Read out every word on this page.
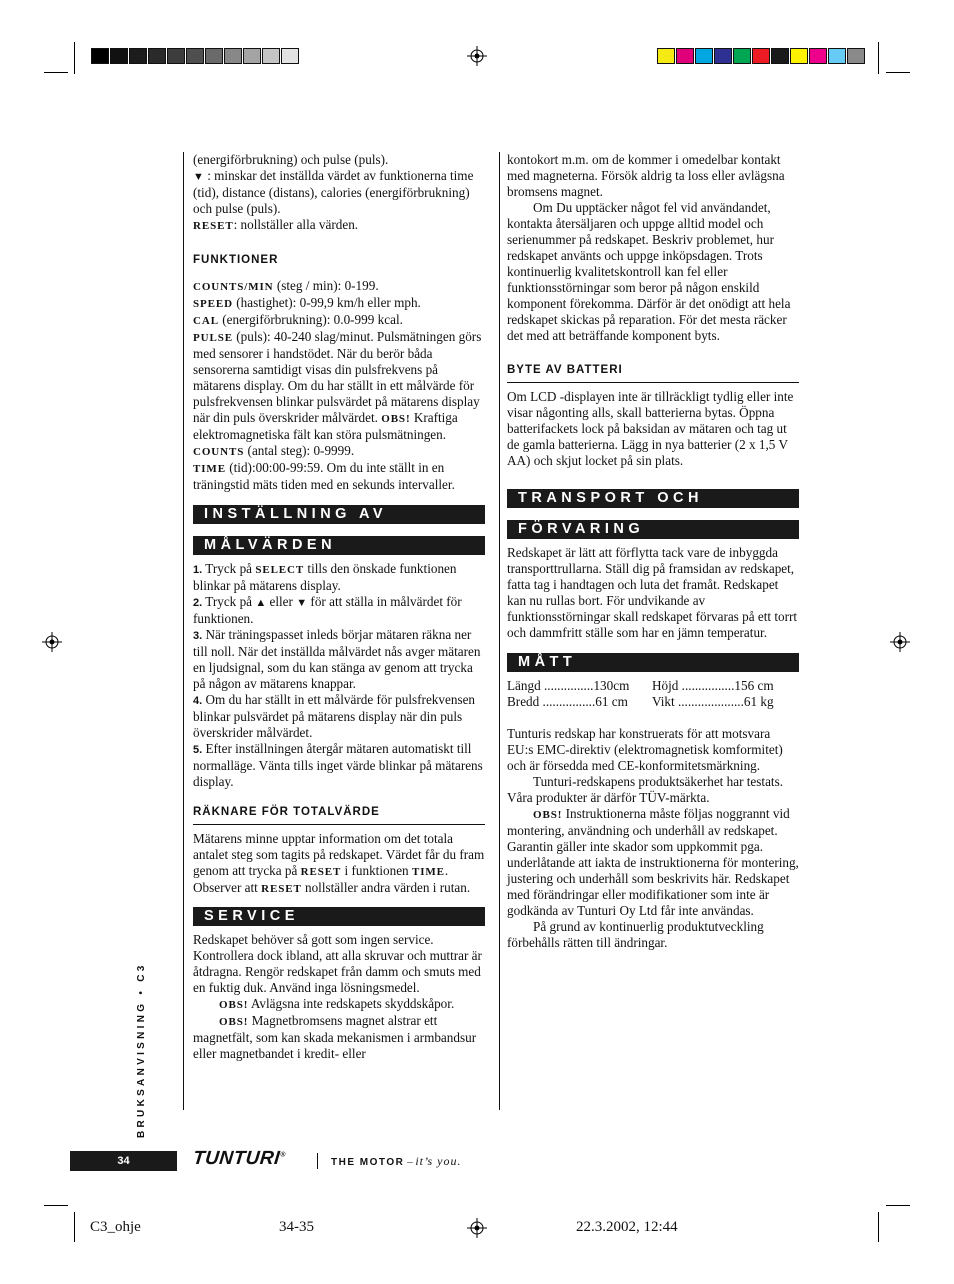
(energiförbrukning) och pulse (puls).

▼ : minskar det inställda värdet av funktionerna time (tid), distance (distans), calories (energiförbrukning) och pulse (puls).

RESET: nollställer alla värden.

FUNKTIONER

COUNTS/MIN (steg / min): 0-199.

SPEED (hastighet): 0-99,9 km/h eller mph.

CAL (energiförbrukning): 0.0-999 kcal.

PULSE (puls): 40-240 slag/minut. Pulsmätningen görs med sensorer i handstödet. När du berör båda sensorerna samtidigt visas din pulsfrekvens på mätarens display. Om du har ställt in ett målvärde för pulsfrekvensen blinkar pulsvärdet på mätarens display när din puls överskrider målvärdet. OBS! Kraftiga elektromagnetiska fält kan störa pulsmätningen.

COUNTS (antal steg): 0-9999.

TIME (tid):00:00-99:59. Om du inte ställt in en träningstid mäts tiden med en sekunds intervaller.

INSTÄLLNING AV
MÅLVÄRDEN

1. Tryck på SELECT tills den önskade funktionen blinkar på mätarens display.

2. Tryck på ▲ eller ▼ för att ställa in målvärdet för funktionen.

3. När träningspasset inleds börjar mätaren räkna ner till noll. När det inställda målvärdet nås avger mätaren en ljudsignal, som du kan stänga av genom att trycka på någon av mätarens knappar.

4. Om du har ställt in ett målvärde för pulsfrekvensen blinkar pulsvärdet på mätarens display när din puls överskrider målvärdet.

5. Efter inställningen återgår mätaren automatiskt till normalläge. Vänta tills inget värde blinkar på mätarens display.

RÄKNARE FÖR TOTALVÄRDE

Mätarens minne upptar information om det totala antalet steg som tagits på redskapet. Värdet får du fram genom att trycka på RESET i funktionen TIME. Observer att RESET nollställer andra värden i rutan.

SERVICE

Redskapet behöver så gott som ingen service. Kontrollera dock ibland, att alla skruvar och muttrar är åtdragna. Rengör redskapet från damm och smuts med en fuktig duk. Använd inga lösningsmedel.

OBS! Avlägsna inte redskapets skyddskåpor.

OBS! Magnetbromsens magnet alstrar ett magnetfält, som kan skada mekanismen i armbandsur eller magnetbandet i kredit- eller

kontokort m.m. om de kommer i omedelbar kontakt med magneterna. Försök aldrig ta loss eller avlägsna bromsens magnet.

Om Du upptäcker något fel vid användandet, kontakta återsäljaren och uppge alltid model och serienummer på redskapet. Beskriv problemet, hur redskapet använts och uppge inköpsdagen. Trots kontinuerlig kvalitetskontroll kan fel eller funktionsstörningar som beror på någon enskild komponent förekomma. Därför är det onödigt att hela redskapet skickas på reparation. För det mesta räcker det med att beträffande komponent byts.

BYTE AV BATTERI

Om LCD -displayen inte är tillräckligt tydlig eller inte visar någonting alls, skall batterierna bytas. Öppna batterifackets lock på baksidan av mätaren och tag ut de gamla batterierna. Lägg in nya batterier (2 x 1,5 V AA) och skjut locket på sin plats.

TRANSPORT OCH
FÖRVARING

Redskapet är lätt att förflytta tack vare de inbyggda transporttrullarna. Ställ dig på framsidan av redskapet, fatta tag i handtagen och luta det framåt. Redskapet kan nu rullas bort. För undvikande av funktionsstörningar skall redskapet förvaras på ett torrt och dammfritt ställe som har en jämn temperatur.

MÅTT
Längd ...............130cm	Höjd ................156 cm
Bredd ................61 cm	Vikt ....................61 kg

Tunturis redskap har konstruerats för att motsvara EU:s EMC-direktiv (elektromagnetisk komformitet) och är försedda med CE-konformitetsmärkning.

Tunturi-redskapens produktsäkerhet har testats. Våra produkter är därför TÜV-märkta.

OBS! Instruktionerna måste följas noggrannt vid montering, användning och underhåll av redskapet. Garantin gäller inte skador som uppkommit pga. underlåtande att iakta de instruktionerna för montering, justering och underhåll som beskrivits här. Redskapet med förändringar eller modifikationer som inte är godkända av Tunturi Oy Ltd får inte användas.

På grund av kontinuerlig produktutveckling förbehålls rätten till ändringar.

BRUKSANVISNING • C3
34	TUNTURI®
THE MOTOR – it’s you.
C3_ohje	34-35	22.3.2002, 12:44
